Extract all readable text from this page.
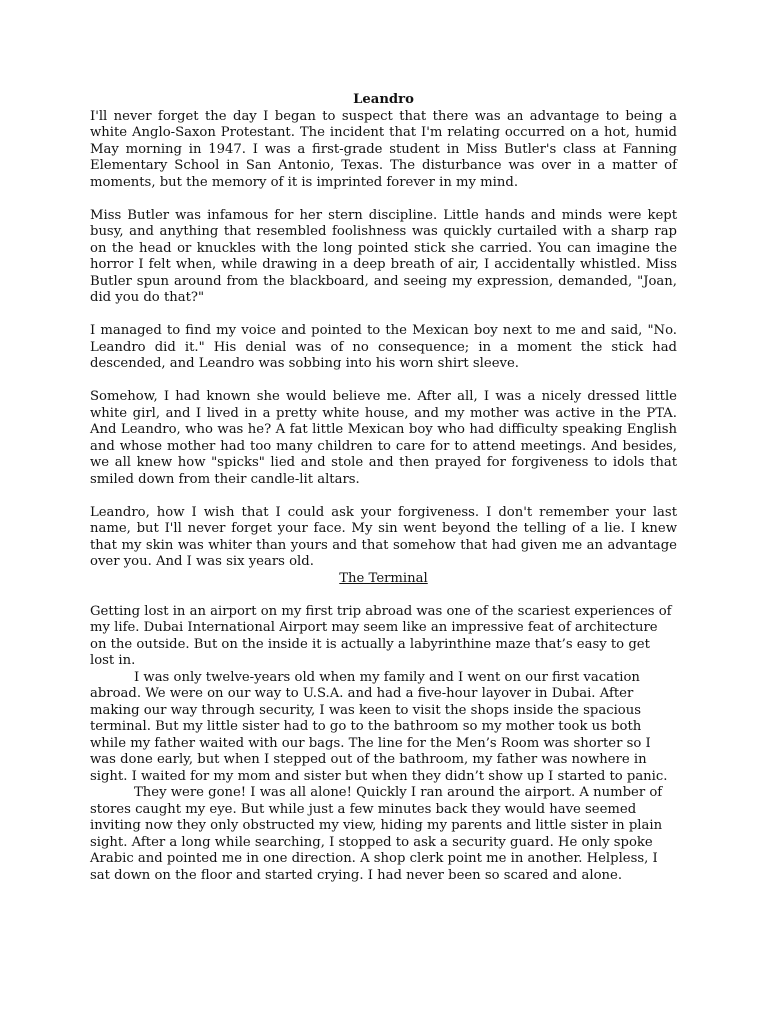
Leandro

I'll never forget the day I began to suspect that there was an advantage to being a white Anglo-Saxon Protestant. The incident that I'm relating occurred on a hot, humid May morning in 1947. I was a first-grade student in Miss Butler's class at Fanning Elementary School in San Antonio, Texas. The disturbance was over in a matter of moments, but the memory of it is imprinted forever in my mind.

Miss Butler was infamous for her stern discipline. Little hands and minds were kept busy, and anything that resembled foolishness was quickly curtailed with a sharp rap on the head or knuckles with the long pointed stick she carried. You can imagine the horror I felt when, while drawing in a deep breath of air, I accidentally whistled. Miss Butler spun around from the blackboard, and seeing my expression, demanded, "Joan, did you do that?"

I managed to find my voice and pointed to the Mexican boy next to me and said, "No. Leandro did it." His denial was of no consequence; in a moment the stick had descended, and Leandro was sobbing into his worn shirt sleeve.

Somehow, I had known she would believe me. After all, I was a nicely dressed little white girl, and I lived in a pretty white house, and my mother was active in the PTA. And Leandro, who was he? A fat little Mexican boy who had difficulty speaking English and whose mother had too many children to care for to attend meetings. And besides, we all knew how "spicks" lied and stole and then prayed for forgiveness to idols that smiled down from their candle-lit altars.

Leandro, how I wish that I could ask your forgiveness. I don't remember your last name, but I'll never forget your face. My sin went beyond the telling of a lie. I knew that my skin was whiter than yours and that somehow that had given me an advantage over you. And I was six years old.

The Terminal

Getting lost in an airport on my first trip abroad was one of the scariest experiences of my life. Dubai International Airport may seem like an impressive feat of architecture on the outside. But on the inside it is actually a labyrinthine maze that’s easy to get lost in.

I was only twelve-years old when my family and I went on our first vacation abroad. We were on our way to U.S.A. and had a five-hour layover in Dubai. After making our way through security, I was keen to visit the shops inside the spacious terminal. But my little sister had to go to the bathroom so my mother took us both while my father waited with our bags. The line for the Men’s Room was shorter so I was done early, but when I stepped out of the bathroom, my father was nowhere in sight. I waited for my mom and sister but when they didn’t show up I started to panic.

They were gone! I was all alone! Quickly I ran around the airport. A number of stores caught my eye. But while just a few minutes back they would have seemed inviting now they only obstructed my view, hiding my parents and little sister in plain sight. After a long while searching, I stopped to ask a security guard. He only spoke Arabic and pointed me in one direction. A shop clerk point me in another. Helpless, I sat down on the floor and started crying. I had never been so scared and alone.
